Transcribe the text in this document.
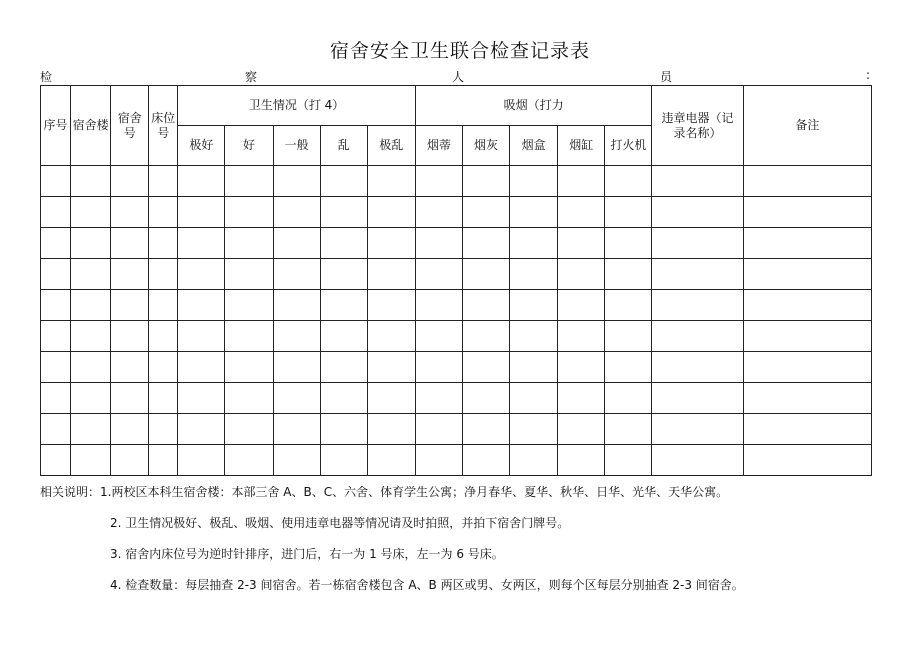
宿舍安全卫生联合检查记录表
检	察	人	员	:
序号	宿舍楼	宿舍号	床位号	卫生情况（打 4）					吸烟（打力					违章电器（记录名称）	备注
				极好	好	一般	乱	极乱	烟蒂	烟灰	烟盒	烟缸	打火机		

相关说明：1.两校区本科生宿舍楼：本部三舍 A、B、C、六舍、体育学生公寓；净月春华、夏华、秋华、日华、光华、天华公寓。
2. 卫生情况极好、极乱、吸烟、使用违章电器等情况请及时拍照，并拍下宿舍门牌号。
3. 宿舍内床位号为逆时针排序，进门后，右一为 1 号床，左一为 6 号床。
4. 检查数量：每层抽查 2-3 间宿舍。若一栋宿舍楼包含 A、B 两区或男、女两区，则每个区每层分别抽查 2-3 间宿舍。
